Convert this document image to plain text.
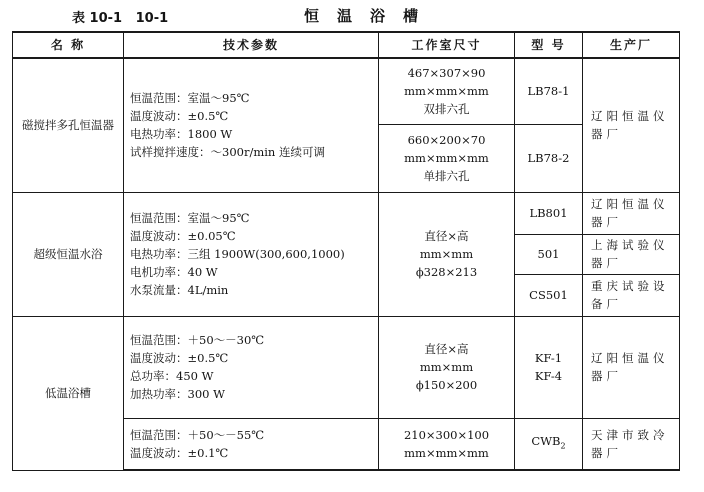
表 10-1   10-1	恒温浴槽
名 称	技术参数	工作室尺寸	型 号	生产厂
磁搅拌多孔恒温器	恒温范围：室温～95℃
温度波动：±0.5℃
电热功率：1800 W
试样搅拌速度：～300r/min 连续可调	467×307×90
mm×mm×mm
双排六孔	LB78-1	辽阳恒温仪器厂

		660×200×70
mm×mm×mm
单排六孔	LB78-2	
超级恒温水浴	恒温范围：室温～95℃
温度波动：±0.05℃
电热功率：三组 1900W(300,600,1000)
电机功率：40 W
水泵流量：4L/min	直径×高
mm×mm
ϕ328×213	LB801	辽阳恒温仪器厂

			501	上海试验仪器厂

			CS501	重庆试验设备厂

低温浴槽	恒温范围：＋50～－30℃
温度波动：±0.5℃
总功率：450 W
加热功率：300 W	直径×高
mm×mm
ϕ150×200	KF-1
KF-4	辽阳恒温仪器厂

	恒温范围：＋50～－55℃
温度波动：±0.1℃	210×300×100
mm×mm×mm	$CWB_2$	天津市致冷器厂
